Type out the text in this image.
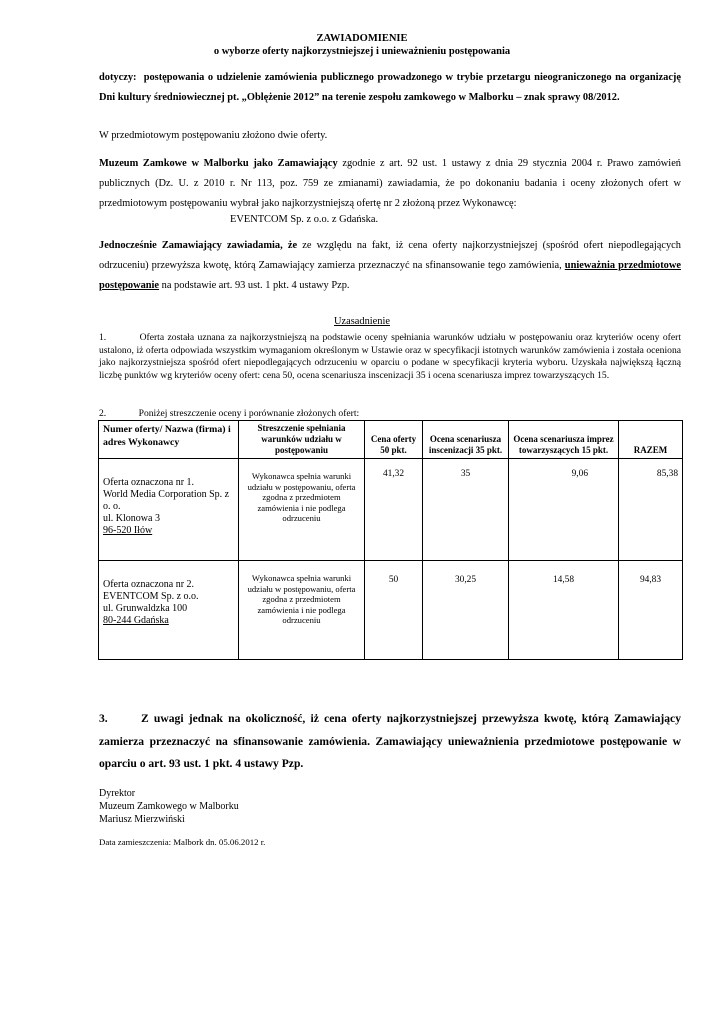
ZAWIADOMIENIE
o wyborze oferty najkorzystniejszej i unieważnieniu postępowania
dotyczy: postępowania o udzielenie zamówienia publicznego prowadzonego w trybie przetargu nieograniczonego na organizację Dni kultury średniowiecznej pt. „Oblężenie 2012” na terenie zespołu zamkowego w Malborku – znak sprawy 08/2012.
W przedmiotowym postępowaniu złożono dwie oferty.
Muzeum Zamkowe w Malborku jako Zamawiający zgodnie z art. 92 ust. 1 ustawy z dnia 29 stycznia 2004 r. Prawo zamówień publicznych (Dz. U. z 2010 r. Nr 113, poz. 759 ze zmianami) zawiadamia, że po dokonaniu badania i oceny złożonych ofert w przedmiotowym postępowaniu wybrał jako najkorzystniejszą ofertę nr 2 złożoną przez Wykonawcę:
EVENTCOM Sp. z o.o. z Gdańska.
Jednocześnie Zamawiający zawiadamia, że ze względu na fakt, iż cena oferty najkorzystniejszej (spośród ofert niepodlegających odrzuceniu) przewyższa kwotę, którą Zamawiający zamierza przeznaczyć na sfinansowanie tego zamówienia, unieważnia przedmiotowe postępowanie na podstawie art. 93 ust. 1 pkt. 4 ustawy Pzp.
Uzasadnienie
1.	Oferta została uznana za najkorzystniejszą na podstawie oceny spełniania warunków udziału w postępowaniu oraz kryteriów oceny ofert ustalono, iż oferta odpowiada wszystkim wymaganiom określonym w Ustawie oraz w specyfikacji istotnych warunków zamówienia i została oceniona jako najkorzystniejsza spośród ofert niepodlegających odrzuceniu w oparciu o podane w specyfikacji kryteria wyboru. Uzyskała największą łączną liczbę punktów wg kryteriów oceny ofert: cena 50, ocena scenariusza inscenizacji 35 i ocena scenariusza imprez towarzyszących 15.
2.	Poniżej streszczenie oceny i porównanie złożonych ofert:
Numer oferty/ Nazwa (firma) i adres Wykonawcy	Streszczenie spełniania warunków udziału w postępowaniu	Cena oferty 50 pkt.	Ocena scenariusza inscenizacji 35 pkt.	Ocena scenariusza imprez towarzyszących 15 pkt.	RAZEM

Oferta oznaczona nr 1.
World Media Corporation Sp. z o. o.
ul. Klonowa 3
96-520 Iłów	Wykonawca spełnia warunki udziału w postępowaniu, oferta zgodna z przedmiotem zamówienia i nie podlega odrzuceniu	41,32	35	9,06	85,38

Oferta oznaczona nr 2.
EVENTCOM Sp. z o.o.
ul. Grunwaldzka 100
80-244 Gdańska	Wykonawca spełnia warunki udziału w postępowaniu, oferta zgodna z przedmiotem zamówienia i nie podlega odrzuceniu	50	30,25	14,58	94,83
3.	Z uwagi jednak na okoliczność, iż cena oferty najkorzystniejszej przewyższa kwotę, którą Zamawiający zamierza przeznaczyć na sfinansowanie zamówienia. Zamawiający unieważnienia przedmiotowe postępowanie w oparciu o art. 93 ust. 1 pkt. 4 ustawy Pzp.
Dyrektor
Muzeum Zamkowego w Malborku
Mariusz Mierzwiński
Data zamieszczenia: Malbork dn. 05.06.2012 r.
